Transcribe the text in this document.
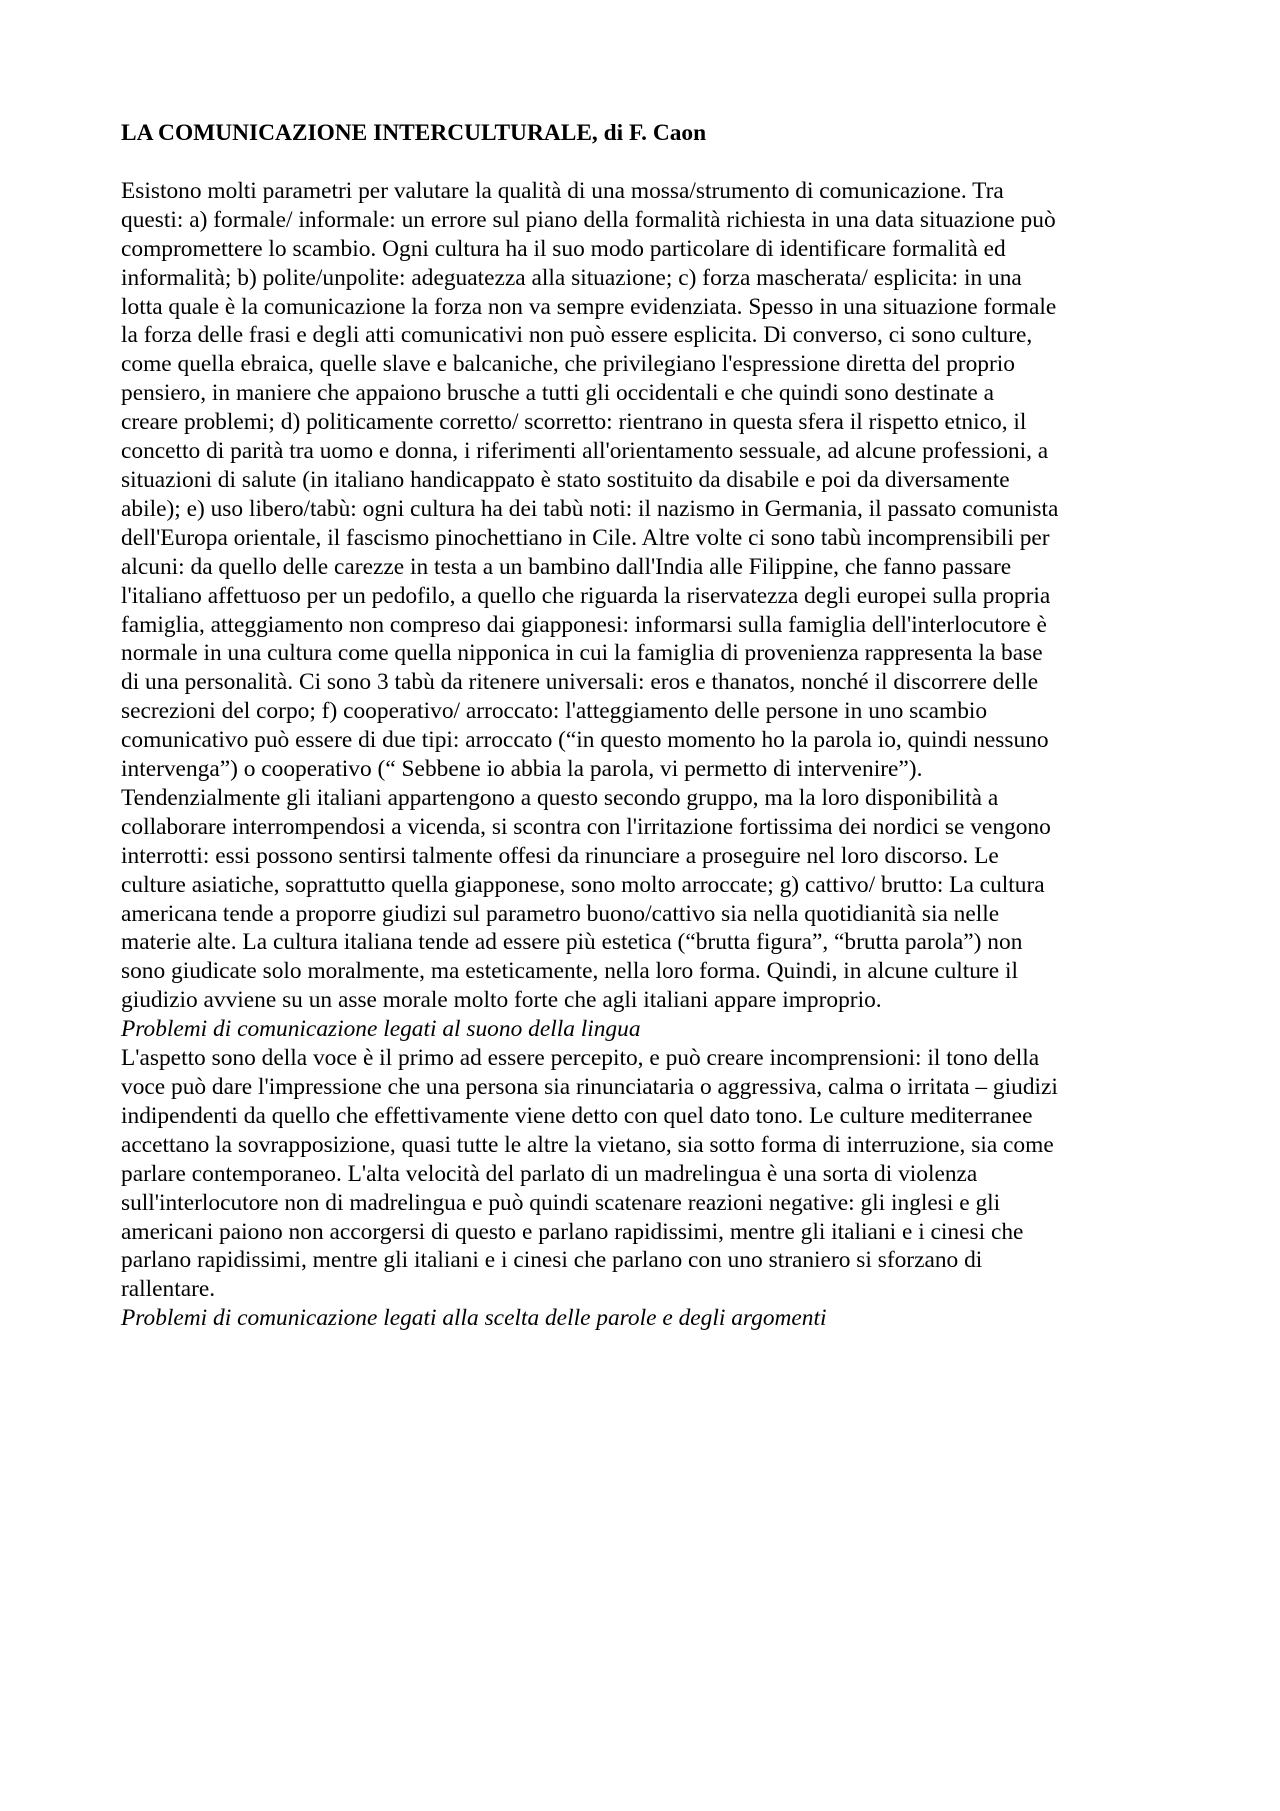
LA COMUNICAZIONE INTERCULTURALE, di F. Caon

Esistono molti parametri per valutare la qualità di una mossa/strumento di comunicazione. Tra
questi: a) formale/ informale: un errore sul piano della formalità richiesta in una data situazione può
compromettere lo scambio. Ogni cultura ha il suo modo particolare di identificare formalità ed
informalità; b) polite/unpolite: adeguatezza alla situazione; c) forza mascherata/ esplicita: in una
lotta quale è la comunicazione la forza non va sempre evidenziata. Spesso in una situazione formale
la forza delle frasi e degli atti comunicativi non può essere esplicita. Di converso, ci sono culture,
come quella ebraica, quelle slave e balcaniche, che privilegiano l'espressione diretta del proprio
pensiero, in maniere che appaiono brusche a tutti gli occidentali e che quindi sono destinate a
creare problemi; d) politicamente corretto/ scorretto: rientrano in questa sfera il rispetto etnico, il
concetto di parità tra uomo e donna, i riferimenti all'orientamento sessuale, ad alcune professioni, a
situazioni di salute (in italiano handicappato è stato sostituito da disabile e poi da diversamente
abile); e) uso libero/tabù: ogni cultura ha dei tabù noti: il nazismo in Germania, il passato comunista
dell'Europa orientale, il fascismo pinochettiano in Cile. Altre volte ci sono tabù incomprensibili per
alcuni: da quello delle carezze in testa a un bambino dall'India alle Filippine, che fanno passare
l'italiano affettuoso per un pedofilo, a quello che riguarda la riservatezza degli europei sulla propria
famiglia, atteggiamento non compreso dai giapponesi: informarsi sulla famiglia dell'interlocutore è
normale in una cultura come quella nipponica in cui la famiglia di provenienza rappresenta la base
di una personalità. Ci sono 3 tabù da ritenere universali: eros e thanatos, nonché il discorrere delle
secrezioni del corpo; f) cooperativo/ arroccato: l'atteggiamento delle persone in uno scambio
comunicativo può essere di due tipi: arroccato (“in questo momento ho la parola io, quindi nessuno
intervenga”) o cooperativo (“ Sebbene io abbia la parola, vi permetto di intervenire”).
Tendenzialmente gli italiani appartengono a questo secondo gruppo, ma la loro disponibilità a
collaborare interrompendosi a vicenda, si scontra con l'irritazione fortissima dei nordici se vengono
interrotti: essi possono sentirsi talmente offesi da rinunciare a proseguire nel loro discorso. Le
culture asiatiche, soprattutto quella giapponese, sono molto arroccate; g) cattivo/ brutto: La cultura
americana tende a proporre giudizi sul parametro buono/cattivo sia nella quotidianità sia nelle
materie alte. La cultura italiana tende ad essere più estetica (“brutta figura”, “brutta parola”) non
sono giudicate solo moralmente, ma esteticamente, nella loro forma. Quindi, in alcune culture il
giudizio avviene su un asse morale molto forte che agli italiani appare improprio.

Problemi di comunicazione legati al suono della lingua

L'aspetto sono della voce è il primo ad essere percepito, e può creare incomprensioni: il tono della
voce può dare l'impressione che una persona sia rinunciataria o aggressiva, calma o irritata – giudizi
indipendenti da quello che effettivamente viene detto con quel dato tono. Le culture mediterranee
accettano la sovrapposizione, quasi tutte le altre la vietano, sia sotto forma di interruzione, sia come
parlare contemporaneo. L'alta velocità del parlato di un madrelingua è una sorta di violenza
sull'interlocutore non di madrelingua e può quindi scatenare reazioni negative: gli inglesi e gli
americani paiono non accorgersi di questo e parlano rapidissimi, mentre gli italiani e i cinesi che
parlano rapidissimi, mentre gli italiani e i cinesi che parlano con uno straniero si sforzano di
rallentare.

Problemi di comunicazione legati alla scelta delle parole e degli argomenti
